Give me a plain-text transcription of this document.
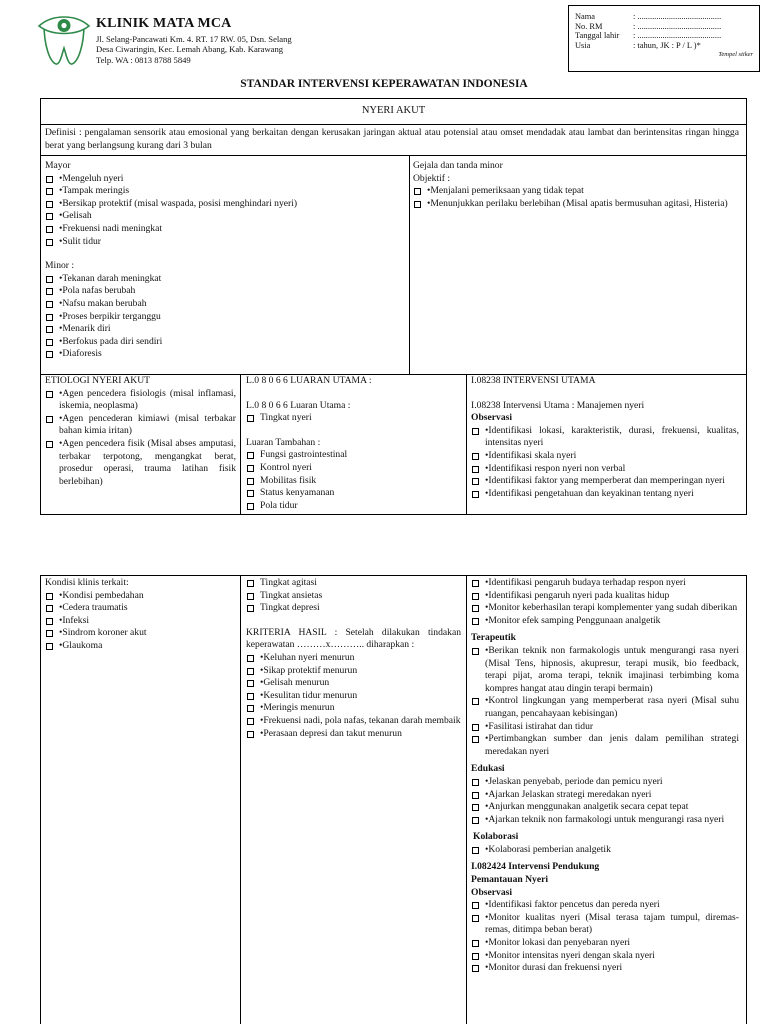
KLINIK MATA MCA
Jl. Selang-Pancawati Km. 4. RT. 17 RW. 05, Dsn. Selang
Desa Ciwaringin, Kec. Lemah Abang, Kab. Karawang
Telp. WA : 0813 8788 5849
Nama	: ........................................
No. RM	: ........................................
Tanggal lahir	: ........................................
Usia	: tahun, JK : P / L )*
Tempel stiker
STANDAR INTERVENSI KEPERAWATAN INDONESIA
NYERI AKUT
Definisi : pengalaman sensorik atau emosional yang berkaitan dengan kerusakan jaringan aktual atau potensial atau omset mendadak atau lambat dan berintensitas ringan hingga berat yang berlangsung kurang dari 3 bulan
Mayor
•Mengeluh nyeri
•Tampak meringis
•Bersikap protektif (misal waspada, posisi menghindari nyeri)
•Gelisah
•Frekuensi nadi meningkat
•Sulit tidur
Minor :
•Tekanan darah meningkat
•Pola nafas berubah
•Nafsu makan berubah
•Proses berpikir terganggu
•Menarik diri
•Berfokus pada diri sendiri
•Diaforesis
Gejala dan tanda minor
Objektif :
•Menjalani pemeriksaan yang tidak tepat
•Menunjukkan perilaku berlebihan (Misal apatis bermusuhan agitasi, Histeria)
ETIOLOGI NYERI AKUT
•Agen pencedera fisiologis (misal inflamasi, iskemia, neoplasma)
•Agen pencederan kimiawi (misal terbakar bahan kimia iritan)
•Agen pencedera fisik (Misal abses amputasi, terbakar terpotong, mengangkat berat, prosedur operasi, trauma latihan fisik berlebihan)
L.0 8 0 6 6 LUARAN UTAMA :
L.0 8 0 6 6 Luaran Utama :
Tingkat nyeri
Luaran Tambahan :
Fungsi gastrointestinal
Kontrol nyeri
Mobilitas fisik
Status kenyamanan
Pola tidur
I.08238 INTERVENSI UTAMA
I.08238 Intervensi Utama : Manajemen nyeri
Observasi
•Identifikasi lokasi, karakteristik, durasi, frekuensi, kualitas, intensitas nyeri
•Identifikasi skala nyeri
•Identifikasi respon nyeri non verbal
•Identifikasi faktor yang memperberat dan memperingan nyeri
•Identifikasi pengetahuan dan keyakinan tentang nyeri
Kondisi klinis terkait:
•Kondisi pembedahan
•Cedera traumatis
•Infeksi
•Sindrom koroner akut
•Glaukoma
Tingkat agitasi
Tingkat ansietas
Tingkat depresi
KRITERIA HASIL : Setelah dilakukan tindakan keperawatan ………x……….. diharapkan :
•Keluhan nyeri menurun
•Sikap protektif menurun
•Gelisah menurun
•Kesulitan tidur menurun
•Meringis menurun
•Frekuensi nadi, pola nafas, tekanan darah membaik
•Perasaan depresi dan takut menurun
•Identifikasi pengaruh budaya terhadap respon nyeri
•Identifikasi pengaruh nyeri pada kualitas hidup
•Monitor keberhasilan terapi komplementer yang sudah diberikan
•Monitor efek samping Penggunaan analgetik
Terapeutik
•Berikan teknik non farmakologis untuk mengurangi rasa nyeri (Misal Tens, hipnosis, akupresur, terapi musik, bio feedback, terapi pijat, aroma terapi, teknik imajinasi terbimbing koma kompres hangat atau dingin terapi bermain)
•Kontrol lingkungan yang memperberat rasa nyeri (Misal suhu ruangan, pencahayaan kebisingan)
•Fasilitasi istirahat dan tidur
•Pertimbangkan sumber dan jenis dalam pemilihan strategi meredakan nyeri
Edukasi
•Jelaskan penyebab, periode dan pemicu nyeri
•Ajarkan Jelaskan strategi meredakan nyeri
•Anjurkan menggunakan analgetik secara cepat tepat
•Ajarkan teknik non farmakologi untuk mengurangi rasa nyeri
Kolaborasi
•Kolaborasi pemberian analgetik
I.082424 Intervensi Pendukung
Pemantauan Nyeri
Observasi
•Identifikasi faktor pencetus dan pereda nyeri
•Monitor kualitas nyeri (Misal terasa tajam tumpul, diremas-remas, ditimpa beban berat)
•Monitor lokasi dan penyebaran nyeri
•Monitor intensitas nyeri dengan skala nyeri
•Monitor durasi dan frekuensi nyeri
